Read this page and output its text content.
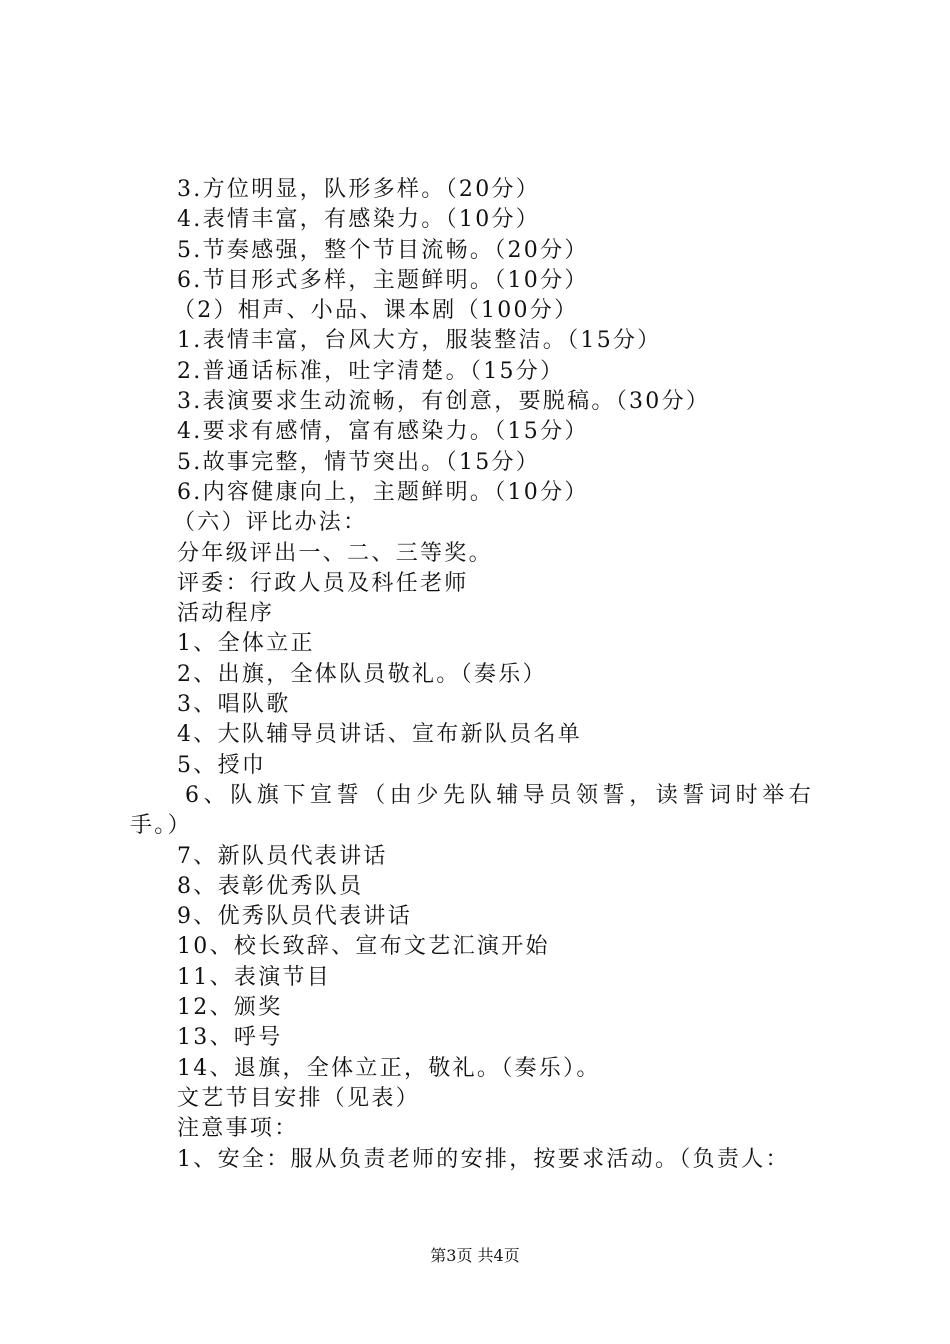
3.方位明显，队形多样。（20分）
4.表情丰富，有感染力。（10分）
5.节奏感强，整个节目流畅。（20分）
6.节目形式多样，主题鲜明。（10分）
（2）相声、小品、课本剧（100分）
1.表情丰富，台风大方，服装整洁。（15分）
2.普通话标准，吐字清楚。（15分）
3.表演要求生动流畅，有创意，要脱稿。（30分）
4.要求有感情，富有感染力。（15分）
5.故事完整，情节突出。（15分）
6.内容健康向上，主题鲜明。（10分）
（六）评比办法：
分年级评出一、二、三等奖。
评委：行政人员及科任老师
活动程序
1、全体立正
2、出旗，全体队员敬礼。（奏乐）
3、唱队歌
4、大队辅导员讲话、宣布新队员名单
5、授巾
6、队旗下宣誓（由少先队辅导员领誓，读誓词时举右
手。）
7、新队员代表讲话
8、表彰优秀队员
9、优秀队员代表讲话
10、校长致辞、宣布文艺汇演开始
11、表演节目
12、颁奖
13、呼号
14、退旗，全体立正，敬礼。（奏乐）。
文艺节目安排（见表）
注意事项：
1、安全：服从负责老师的安排，按要求活动。（负责人：
第3页 共4页
